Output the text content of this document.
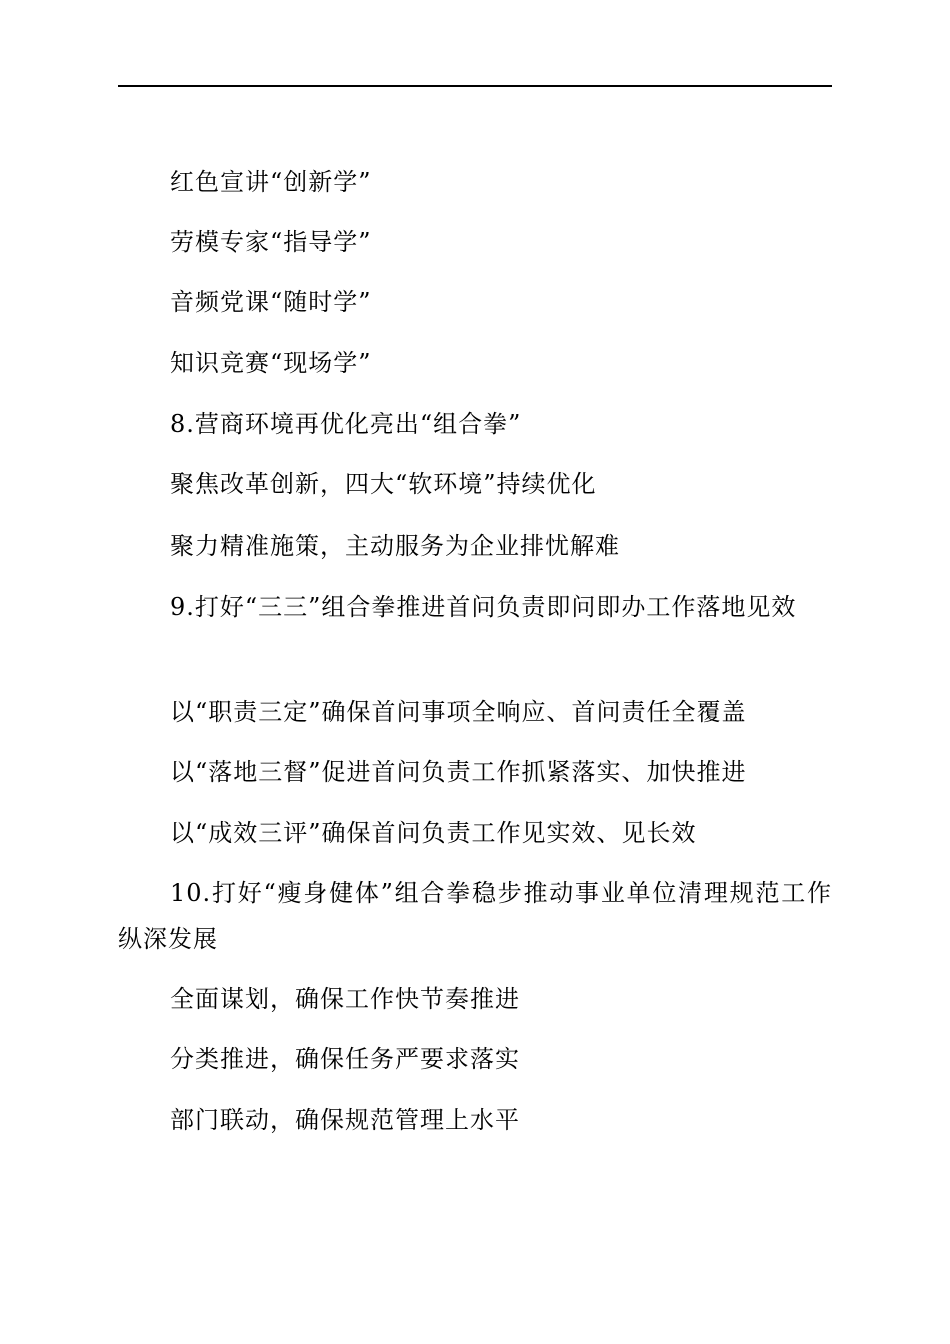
红色宣讲“创新学”
劳模专家“指导学”
音频党课“随时学”
知识竞赛“现场学”
8.营商环境再优化亮出“组合拳”
聚焦改革创新，四大“软环境”持续优化
聚力精准施策，主动服务为企业排忧解难
9.打好“三三”组合拳推进首问负责即问即办工作落地见效
以“职责三定”确保首问事项全响应、首问责任全覆盖
以“落地三督”促进首问负责工作抓紧落实、加快推进
以“成效三评”确保首问负责工作见实效、见长效
10.打好“瘦身健体”组合拳稳步推动事业单位清理规范工作纵深发展
全面谋划，确保工作快节奏推进
分类推进，确保任务严要求落实
部门联动，确保规范管理上水平
